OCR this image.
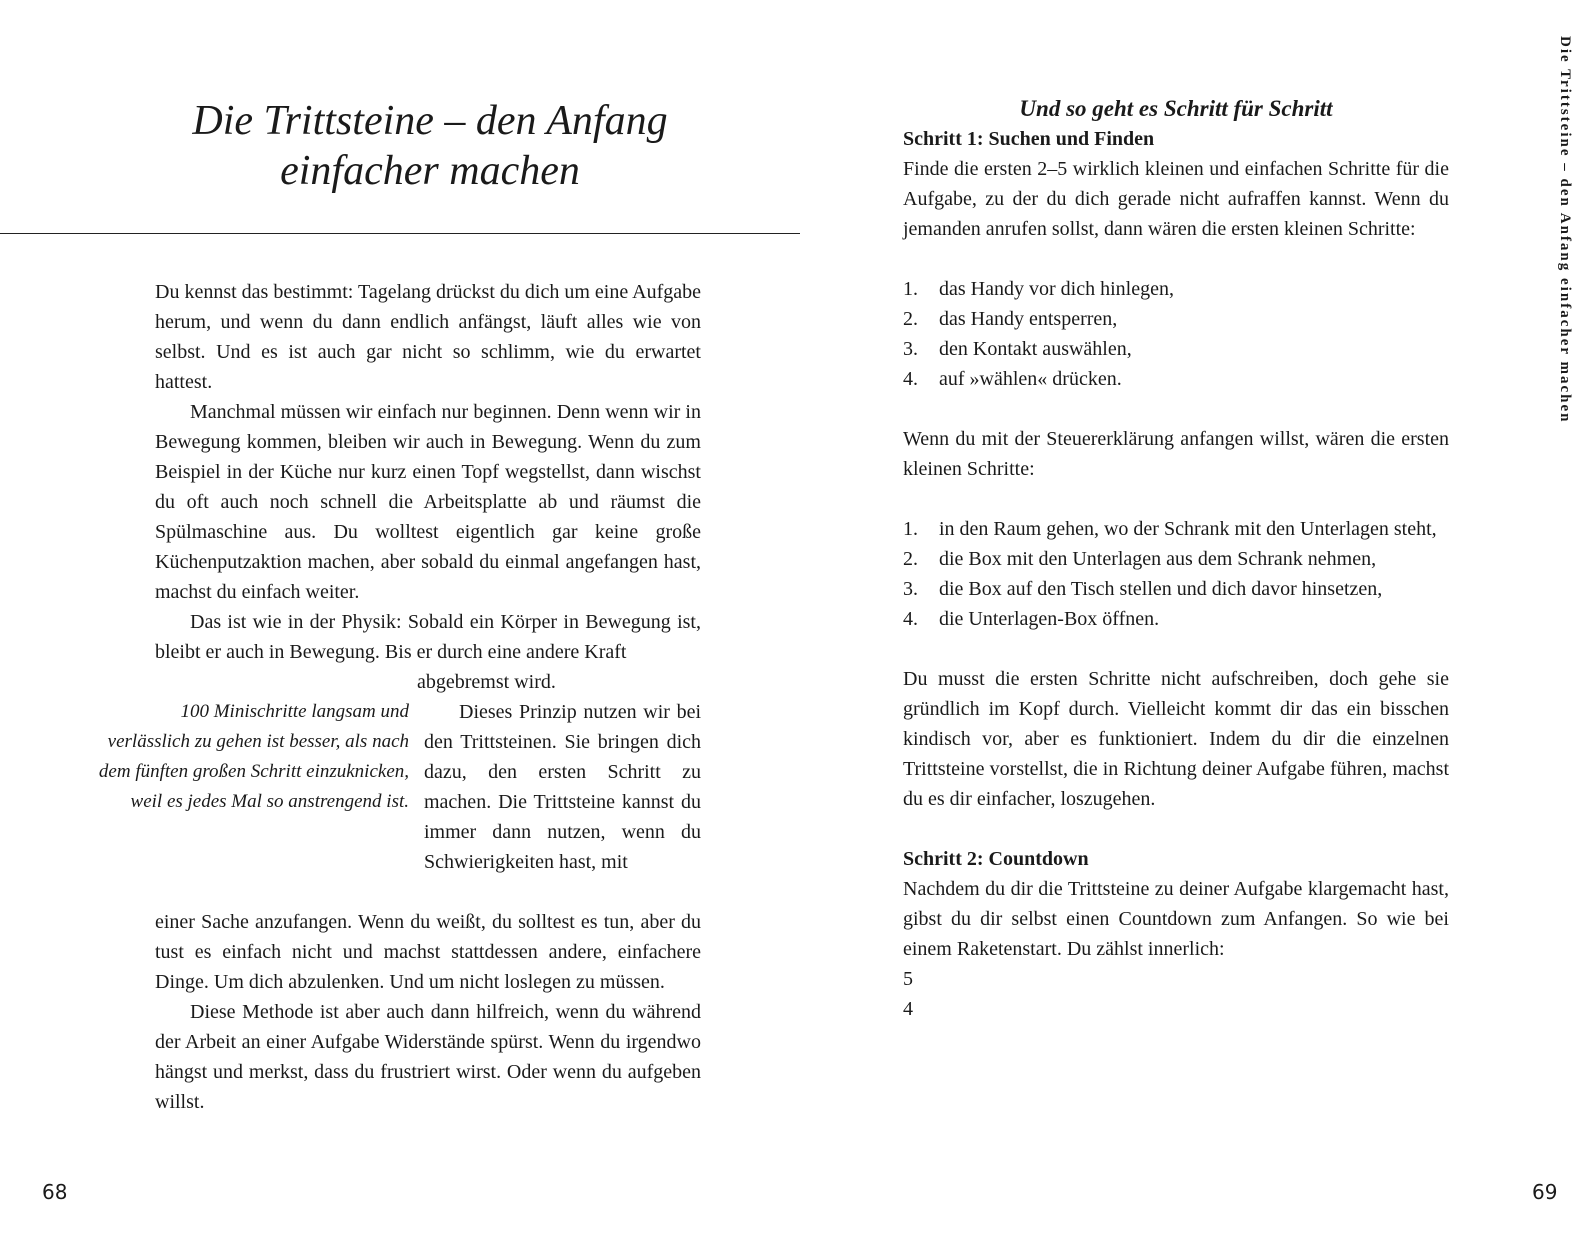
Die Trittsteine – den Anfang
einfacher machen

Du kennst das bestimmt: Tagelang drückst du dich um eine Aufgabe herum, und wenn du dann endlich anfängst, läuft alles wie von selbst. Und es ist auch gar nicht so schlimm, wie du erwartet hattest.

Manchmal müssen wir einfach nur beginnen. Denn wenn wir in Bewegung kommen, bleiben wir auch in Bewegung. Wenn du zum Beispiel in der Küche nur kurz einen Topf wegstellst, dann wischst du oft auch noch schnell die Arbeitsplatte ab und räumst die Spülmaschine aus. Du wolltest eigentlich gar keine große Küchenputzaktion machen, aber sobald du einmal angefangen hast, machst du einfach weiter.

Das ist wie in der Physik: Sobald ein Körper in Bewegung ist, bleibt er auch in Bewegung. Bis er durch eine andere Kraft

abgebremst wird.

100 Minischritte langsam und verlässlich zu gehen ist besser, als nach dem fünften großen Schritt einzuknicken, weil es jedes Mal so anstrengend ist.

Dieses Prinzip nutzen wir bei den Trittsteinen. Sie bringen dich dazu, den ersten Schritt zu machen. Die Trittsteine kannst du immer dann nutzen, wenn du Schwierigkeiten hast, mit

einer Sache anzufangen. Wenn du weißt, du solltest es tun, aber du tust es einfach nicht und machst stattdessen andere, einfachere Dinge. Um dich abzulenken. Und um nicht loslegen zu müssen.

Diese Methode ist aber auch dann hilfreich, wenn du während der Arbeit an einer Aufgabe Widerstände spürst. Wenn du irgendwo hängst und merkst, dass du frustriert wirst. Oder wenn du aufgeben willst.

68

Und so geht es Schritt für Schritt

Schritt 1: Suchen und Finden

Finde die ersten 2–5 wirklich kleinen und einfachen Schritte für die Aufgabe, zu der du dich gerade nicht aufraffen kannst. Wenn du jemanden anrufen sollst, dann wären die ersten kleinen Schritte:

1. das Handy vor dich hinlegen,
2. das Handy entsperren,
3. den Kontakt auswählen,
4. auf »wählen« drücken.

Wenn du mit der Steuererklärung anfangen willst, wären die ersten kleinen Schritte:

1. in den Raum gehen, wo der Schrank mit den Unterlagen steht,
2. die Box mit den Unterlagen aus dem Schrank nehmen,
3. die Box auf den Tisch stellen und dich davor hinsetzen,
4. die Unterlagen-Box öffnen.

Du musst die ersten Schritte nicht aufschreiben, doch gehe sie gründlich im Kopf durch. Vielleicht kommt dir das ein bisschen kindisch vor, aber es funktioniert. Indem du dir die einzelnen Trittsteine vorstellst, die in Richtung deiner Aufgabe führen, machst du es dir einfacher, loszugehen.

Schritt 2: Countdown

Nachdem du dir die Trittsteine zu deiner Aufgabe klargemacht hast, gibst du dir selbst einen Countdown zum Anfangen. So wie bei einem Raketenstart. Du zählst innerlich:

5

4

69
Die Trittsteine – den Anfang einfacher machen
